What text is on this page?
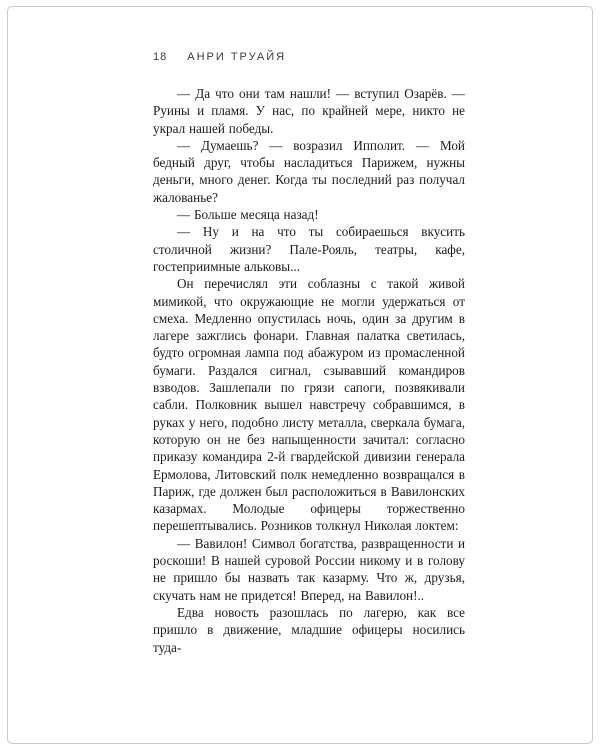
18 АНРИ ТРУАЙЯ

— Да что они там нашли! — вступил Озарёв. — Руины и пламя. У нас, по крайней мере, никто не украл нашей победы.

— Думаешь? — возразил Ипполит. — Мой бедный друг, чтобы насладиться Парижем, нужны деньги, много денег. Когда ты последний раз получал жалованье?

— Больше месяца назад!

— Ну и на что ты собираешься вкусить столичной жизни? Пале-Рояль, театры, кафе, гостеприимные альковы...

Он перечислял эти соблазны с такой живой мимикой, что окружающие не могли удержаться от смеха. Медленно опустилась ночь, один за другим в лагере зажглись фонари. Главная палатка светилась, будто огромная лампа под абажуром из промасленной бумаги. Раздался сигнал, сзывавший командиров взводов. Зашлепали по грязи сапоги, позвякивали сабли. Полковник вышел навстречу собравшимся, в руках у него, подобно листу металла, сверкала бумага, которую он не без напыщенности зачитал: согласно приказу командира 2-й гвардейской дивизии генерала Ермолова, Литовский полк немедленно возвращался в Париж, где должен был расположиться в Вавилонских казармах. Молодые офицеры торжественно перешептывались. Розников толкнул Николая локтем:

— Вавилон! Символ богатства, развращенности и роскоши! В нашей суровой России никому и в голову не пришло бы назвать так казарму. Что ж, друзья, скучать нам не придется! Вперед, на Вавилон!..

Едва новость разошлась по лагерю, как все пришло в движение, младшие офицеры носились туда-
